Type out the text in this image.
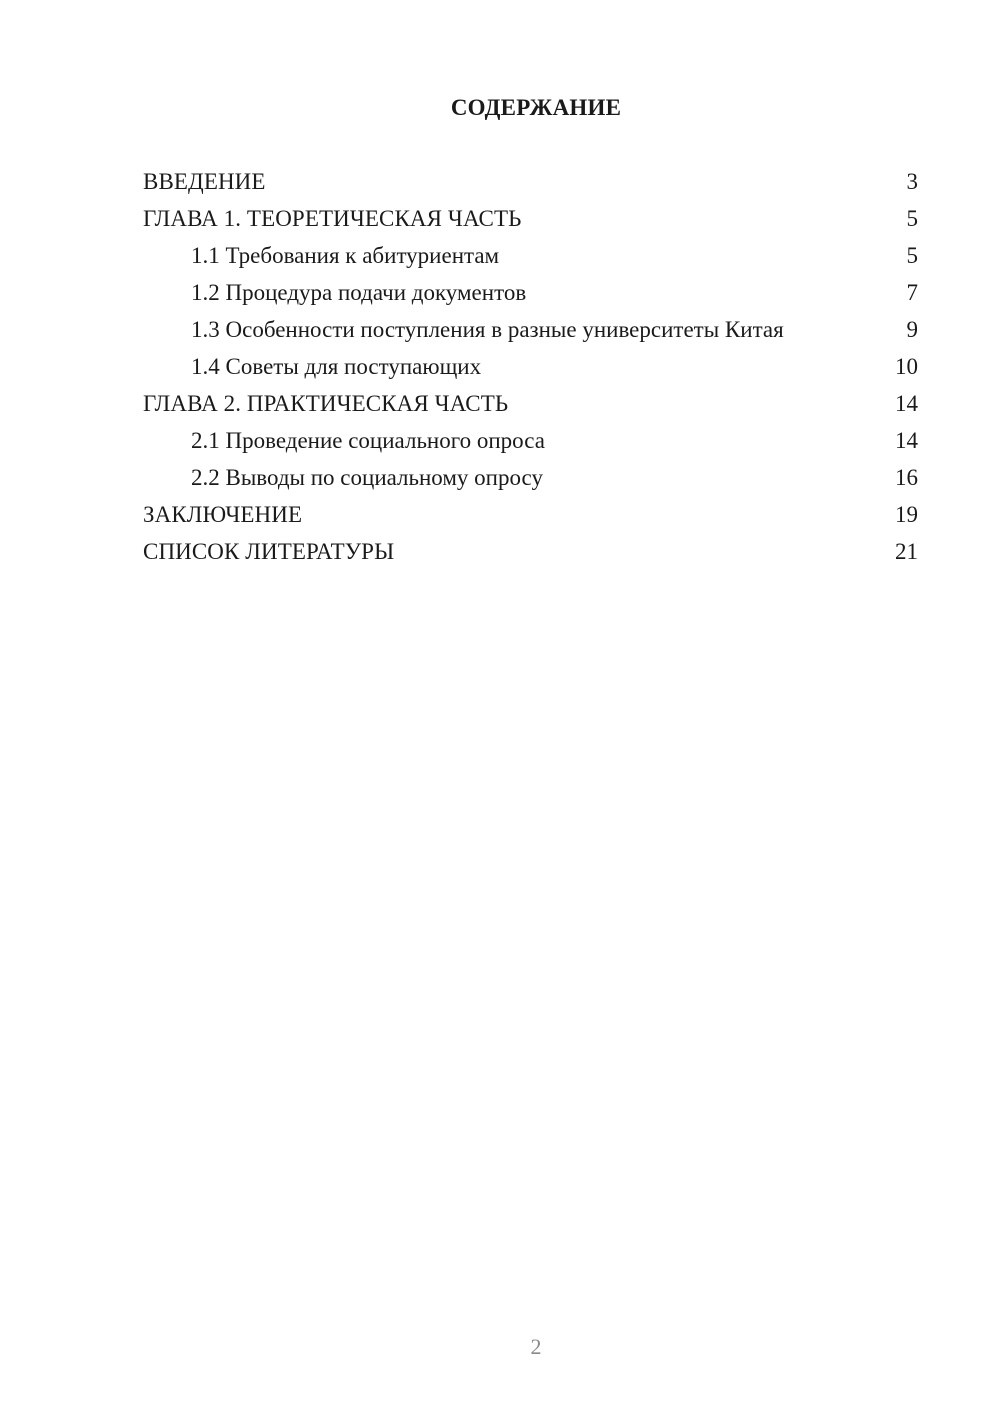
СОДЕРЖАНИЕ
ВВЕДЕНИЕ	3
ГЛАВА 1. ТЕОРЕТИЧЕСКАЯ ЧАСТЬ	5
1.1 Требования к абитуриентам	5
1.2 Процедура подачи документов	7
1.3 Особенности поступления в разные университеты Китая	9
1.4 Советы для поступающих	10
ГЛАВА 2. ПРАКТИЧЕСКАЯ ЧАСТЬ	14
2.1 Проведение социального опроса	14
2.2 Выводы по социальному опросу	16
ЗАКЛЮЧЕНИЕ	19
СПИСОК ЛИТЕРАТУРЫ	21
2
